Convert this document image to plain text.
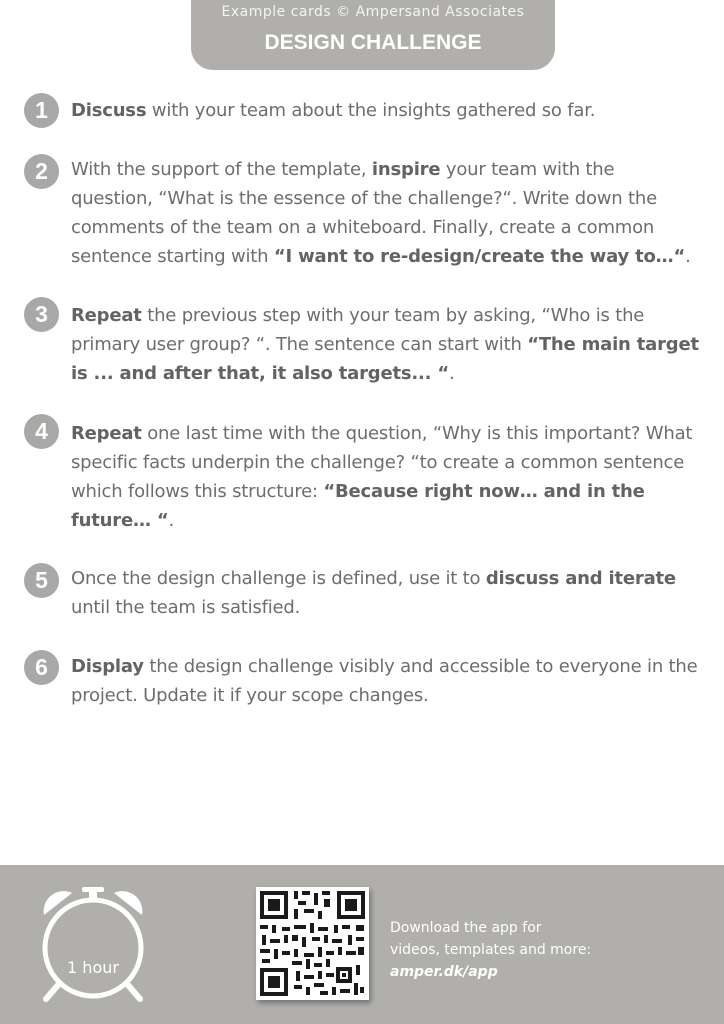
Example cards © Ampersand Associates
DESIGN CHALLENGE
1	Discuss with your team about the insights gathered so far.
2	With the support of the template, inspire your team with the question, “What is the essence of the challenge?“. Write down the comments of the team on a whiteboard. Finally, create a common sentence starting with “I want to re-design/create the way to…“.
3	Repeat the previous step with your team by asking, “Who is the primary user group? “. The sentence can start with “The main target is ... and after that, it also targets... “.
4	Repeat one last time with the question, “Why is this important? What specific facts underpin the challenge? “to create a common sentence which follows this structure: “Because right now… and in the future… “.
5	Once the design challenge is defined, use it to discuss and iterate until the team is satisfied.
6	Display the design challenge visibly and accessible to everyone in the project. Update it if your scope changes.
1 hour
Download the app for
videos, templates and more:
amper.dk/app
